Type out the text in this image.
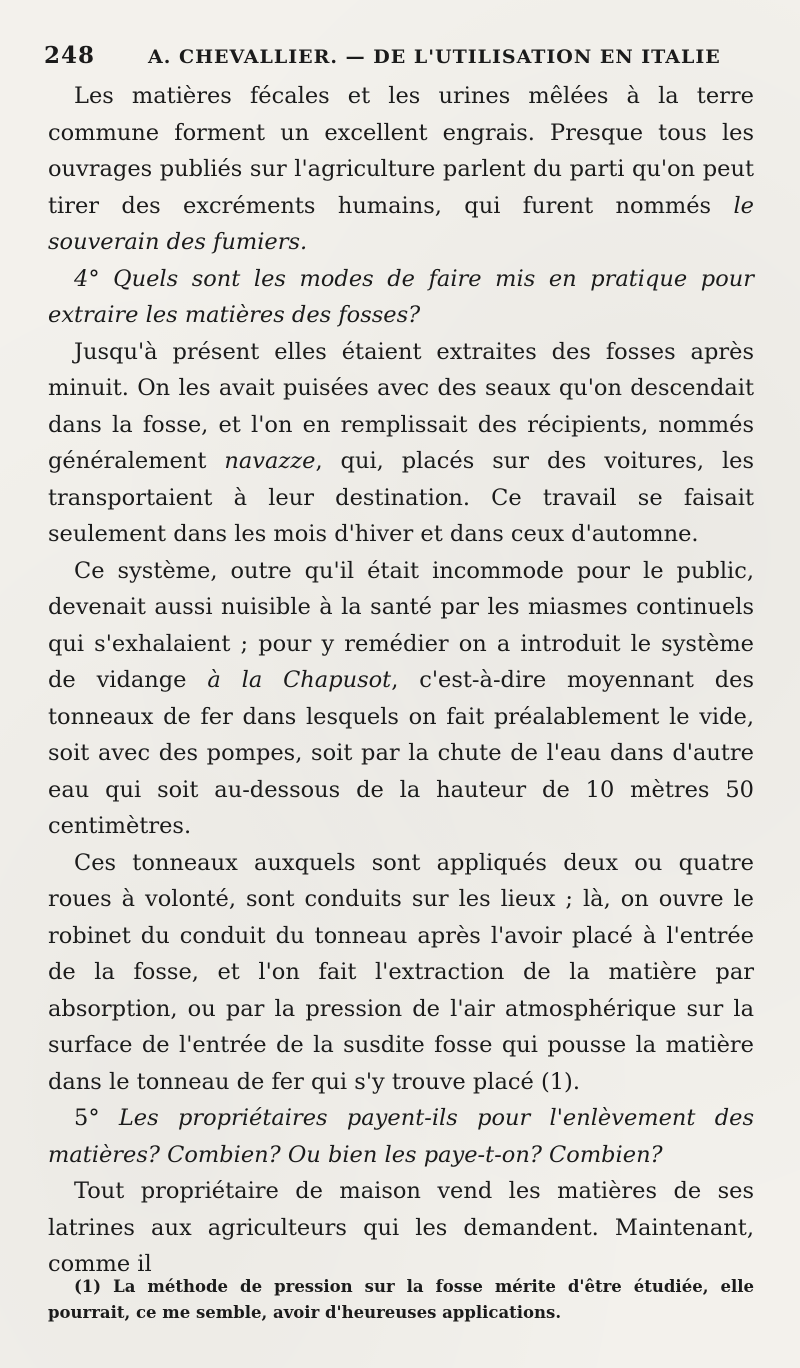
248	A. CHEVALLIER. — DE L'UTILISATION EN ITALIE

Les matières fécales et les urines mêlées à la terre commune forment un excellent engrais. Presque tous les ouvrages publiés sur l'agriculture parlent du parti qu'on peut tirer des excréments humains, qui furent nommés le souverain des fumiers.

4° Quels sont les modes de faire mis en pratique pour extraire les matières des fosses?

Jusqu'à présent elles étaient extraites des fosses après minuit. On les avait puisées avec des seaux qu'on descendait dans la fosse, et l'on en remplissait des récipients, nommés généralement navazze, qui, placés sur des voitures, les transportaient à leur destination. Ce travail se faisait seulement dans les mois d'hiver et dans ceux d'automne.

Ce système, outre qu'il était incommode pour le public, devenait aussi nuisible à la santé par les miasmes continuels qui s'exhalaient ; pour y remédier on a introduit le système de vidange à la Chapusot, c'est-à-dire moyennant des tonneaux de fer dans lesquels on fait préalablement le vide, soit avec des pompes, soit par la chute de l'eau dans d'autre eau qui soit au-dessous de la hauteur de 10 mètres 50 centimètres.

Ces tonneaux auxquels sont appliqués deux ou quatre roues à volonté, sont conduits sur les lieux ; là, on ouvre le robinet du conduit du tonneau après l'avoir placé à l'entrée de la fosse, et l'on fait l'extraction de la matière par absorption, ou par la pression de l'air atmosphérique sur la surface de l'entrée de la susdite fosse qui pousse la matière dans le tonneau de fer qui s'y trouve placé (1).

5° Les propriétaires payent-ils pour l'enlèvement des matières? Combien? Ou bien les paye-t-on? Combien?

Tout propriétaire de maison vend les matières de ses latrines aux agriculteurs qui les demandent. Maintenant, comme il

(1) La méthode de pression sur la fosse mérite d'être étudiée, elle pourrait, ce me semble, avoir d'heureuses applications.
